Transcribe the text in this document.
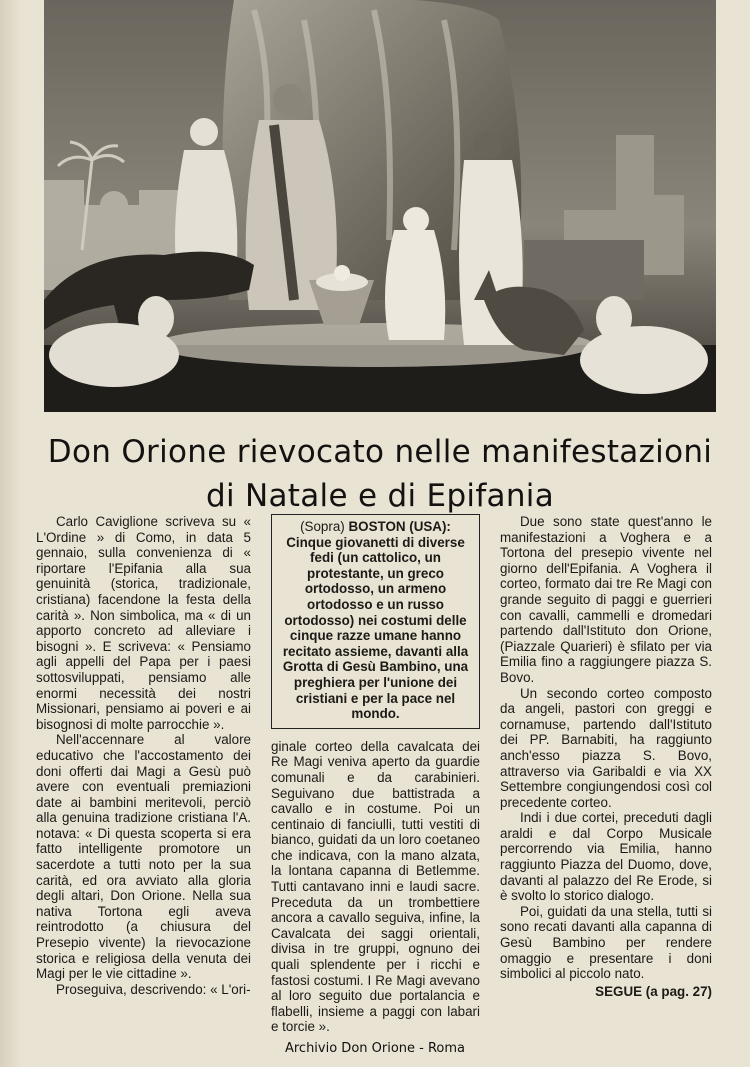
Don Orione rievocato nelle manifestazioni
di Natale e di Epifania

Carlo Caviglione scriveva su « L'Ordine » di Como, in data 5 gennaio, sulla convenienza di « riportare l'Epifania alla sua genuinità (storica, tradizionale, cristiana) facendone la festa della carità ». Non simbolica, ma « di un apporto concreto ad alleviare i bisogni ». E scriveva: « Pensiamo agli appelli del Papa per i paesi sottosviluppati, pensiamo alle enormi necessità dei nostri Missionari, pensiamo ai poveri e ai bisognosi di molte parrocchie ».

Nell'accennare al valore educativo che l'accostamento dei doni offerti dai Magi a Gesù può avere con eventuali premiazioni date ai bambini meritevoli, perciò alla genuina tradizione cristiana l'A. notava: « Di questa scoperta si era fatto intelligente promotore un sacerdote a tutti noto per la sua carità, ed ora avviato alla gloria degli altari, Don Orione. Nella sua nativa Tortona egli aveva reintrodotto (a chiusura del Presepio vivente) la rievocazione storica e religiosa della venuta dei Magi per le vie cittadine ».

Proseguiva, descrivendo: « L'ori-

(Sopra) BOSTON (USA): Cinque giovanetti di diverse fedi (un cattolico, un protestante, un greco ortodosso, un armeno ortodosso e un russo ortodosso) nei costumi delle cinque razze umane hanno recitato assieme, davanti alla Grotta di Gesù Bambino, una preghiera per l'unione dei cristiani e per la pace nel mondo.

ginale corteo della cavalcata dei Re Magi veniva aperto da guardie comunali e da carabinieri. Seguivano due battistrada a cavallo e in costume. Poi un centinaio di fanciulli, tutti vestiti di bianco, guidati da un loro coetaneo che indicava, con la mano alzata, la lontana capanna di Betlemme. Tutti cantavano inni e laudi sacre. Preceduta da un trombettiere ancora a cavallo seguiva, infine, la Cavalcata dei saggi orientali, divisa in tre gruppi, ognuno dei quali splendente per i ricchi e fastosi costumi. I Re Magi avevano al loro seguito due portalancia e flabelli, insieme a paggi con labari e torcie ».

Due sono state quest'anno le manifestazioni a Voghera e a Tortona del presepio vivente nel giorno dell'Epifania. A Voghera il corteo, formato dai tre Re Magi con grande seguito di paggi e guerrieri con cavalli, cammelli e dromedari partendo dall'Istituto don Orione, (Piazzale Quarieri) è sfilato per via Emilia fino a raggiungere piazza S. Bovo.

Un secondo corteo composto da angeli, pastori con greggi e cornamuse, partendo dall'Istituto dei PP. Barnabiti, ha raggiunto anch'esso piazza S. Bovo, attraverso via Garibaldi e via XX Settembre congiungendosi così col precedente corteo.

Indi i due cortei, preceduti dagli araldi e dal Corpo Musicale percorrendo via Emilia, hanno raggiunto Piazza del Duomo, dove, davanti al palazzo del Re Erode, si è svolto lo storico dialogo.

Poi, guidati da una stella, tutti si sono recati davanti alla capanna di Gesù Bambino per rendere omaggio e presentare i doni simbolici al piccolo nato.

SEGUE (a pag. 27)
Archivio Don Orione - Roma
